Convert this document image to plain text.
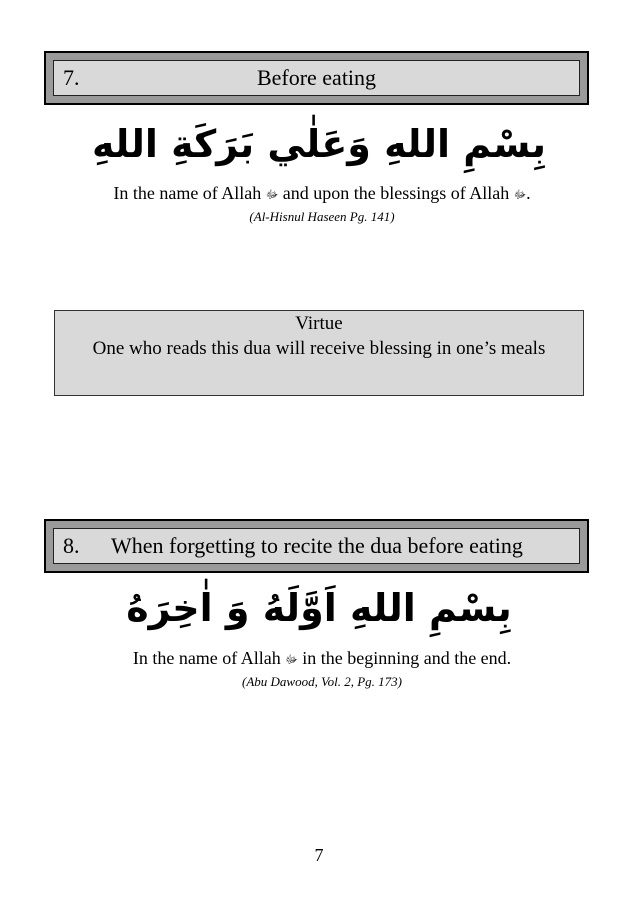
7.	Before eating
بِسْمِ اللهِ وَعَلٰي بَرَكَةِ اللهِ
In the name of Allah ﷻ and upon the blessings of Allah ﷻ.
(Al-Hisnul Haseen Pg. 141)
Virtue
One who reads this dua will receive blessing in one’s meals
8.	When forgetting to recite the dua before eating
بِسْمِ اللهِ اَوَّلَهُ وَ اٰخِرَهُ
In the name of Allah ﷻ in the beginning and the end.
(Abu Dawood, Vol. 2, Pg. 173)
7
